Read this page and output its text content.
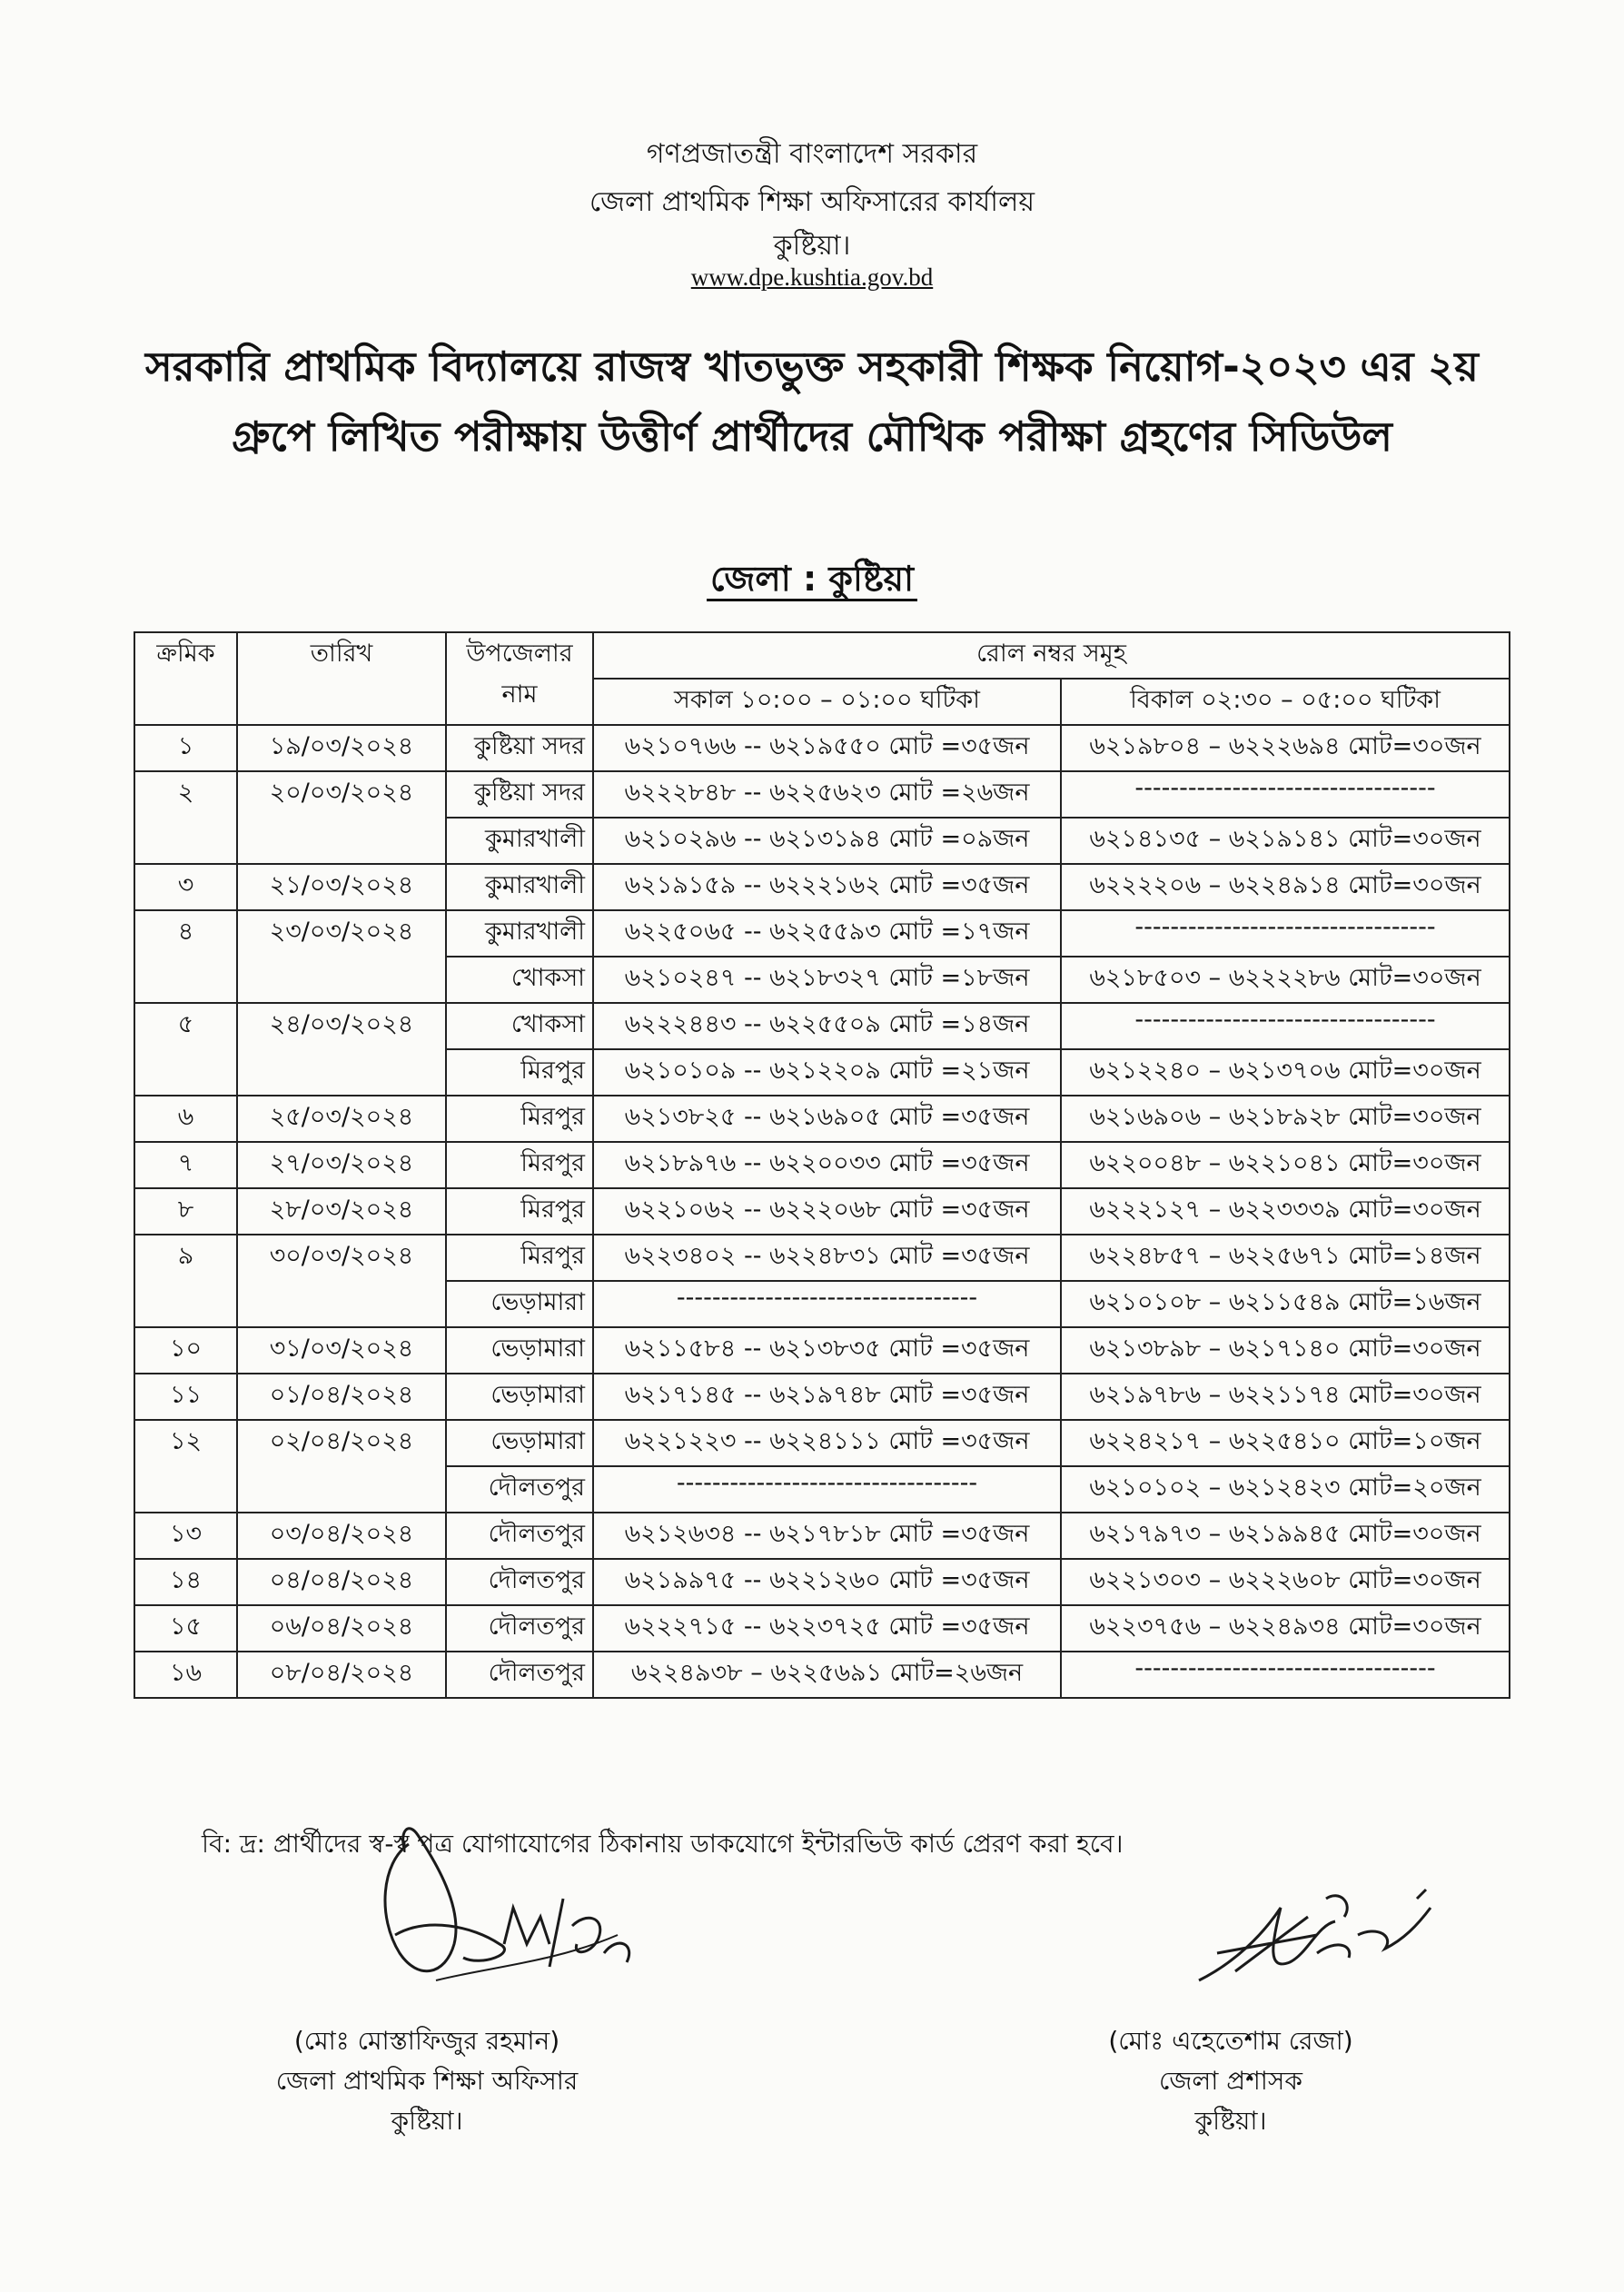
গণপ্রজাতন্ত্রী বাংলাদেশ সরকার
জেলা প্রাথমিক শিক্ষা অফিসারের কার্যালয়
কুষ্টিয়া।
www.dpe.kushtia.gov.bd
সরকারি প্রাথমিক বিদ্যালয়ে রাজস্ব খাতভুক্ত সহকারী শিক্ষক নিয়োগ-২০২৩ এর ২য় গ্রুপে লিখিত পরীক্ষায় উত্তীর্ণ প্রার্থীদের মৌখিক পরীক্ষা গ্রহণের সিডিউল
জেলা : কুষ্টিয়া
ক্রমিক	তারিখ	উপজেলার নাম	রোল নম্বর সমূহ	
			সকাল ১০:০০ – ০১:০০ ঘটিকা	বিকাল ০২:৩০ – ০৫:০০ ঘটিকা
১	১৯/০৩/২০২৪	কুষ্টিয়া সদর	৬২১০৭৬৬ -- ৬২১৯৫৫০ মোট =৩৫জন	৬২১৯৮০৪ – ৬২২২৬৯৪ মোট=৩০জন
২	২০/০৩/২০২৪	কুষ্টিয়া সদর	৬২২২৮৪৮ -- ৬২২৫৬২৩ মোট =২৬জন	----------------------------------
		কুমারখালী	৬২১০২৯৬ -- ৬২১৩১৯৪ মোট =০৯জন	৬২১৪১৩৫ – ৬২১৯১৪১ মোট=৩০জন
৩	২১/০৩/২০২৪	কুমারখালী	৬২১৯১৫৯ -- ৬২২২১৬২ মোট =৩৫জন	৬২২২২০৬ – ৬২২৪৯১৪ মোট=৩০জন
৪	২৩/০৩/২০২৪	কুমারখালী	৬২২৫০৬৫ -- ৬২২৫৫৯৩ মোট =১৭জন	----------------------------------
		খোকসা	৬২১০২৪৭ -- ৬২১৮৩২৭ মোট =১৮জন	৬২১৮৫০৩ – ৬২২২২৮৬ মোট=৩০জন
৫	২৪/০৩/২০২৪	খোকসা	৬২২২৪৪৩ -- ৬২২৫৫০৯ মোট =১৪জন	----------------------------------
		মিরপুর	৬২১০১০৯ -- ৬২১২২০৯ মোট =২১জন	৬২১২২৪০ – ৬২১৩৭০৬ মোট=৩০জন
৬	২৫/০৩/২০২৪	মিরপুর	৬২১৩৮২৫ -- ৬২১৬৯০৫ মোট =৩৫জন	৬২১৬৯০৬ – ৬২১৮৯২৮ মোট=৩০জন
৭	২৭/০৩/২০২৪	মিরপুর	৬২১৮৯৭৬ -- ৬২২০০৩৩ মোট =৩৫জন	৬২২০০৪৮ – ৬২২১০৪১ মোট=৩০জন
৮	২৮/০৩/২০২৪	মিরপুর	৬২২১০৬২ -- ৬২২২০৬৮ মোট =৩৫জন	৬২২২১২৭ – ৬২২৩৩৩৯ মোট=৩০জন
৯	৩০/০৩/২০২৪	মিরপুর	৬২২৩৪০২ -- ৬২২৪৮৩১ মোট =৩৫জন	৬২২৪৮৫৭ – ৬২২৫৬৭১ মোট=১৪জন
		ভেড়ামারা	----------------------------------	৬২১০১০৮ – ৬২১১৫৪৯ মোট=১৬জন
১০	৩১/০৩/২০২৪	ভেড়ামারা	৬২১১৫৮৪ -- ৬২১৩৮৩৫ মোট =৩৫জন	৬২১৩৮৯৮ – ৬২১৭১৪০ মোট=৩০জন
১১	০১/০৪/২০২৪	ভেড়ামারা	৬২১৭১৪৫ -- ৬২১৯৭৪৮ মোট =৩৫জন	৬২১৯৭৮৬ – ৬২২১১৭৪ মোট=৩০জন
১২	০২/০৪/২০২৪	ভেড়ামারা	৬২২১২২৩ -- ৬২২৪১১১ মোট =৩৫জন	৬২২৪২১৭ – ৬২২৫৪১০ মোট=১০জন
		দৌলতপুর	----------------------------------	৬২১০১০২ – ৬২১২৪২৩ মোট=২০জন
১৩	০৩/০৪/২০২৪	দৌলতপুর	৬২১২৬৩৪ -- ৬২১৭৮১৮ মোট =৩৫জন	৬২১৭৯৭৩ – ৬২১৯৯৪৫ মোট=৩০জন
১৪	০৪/০৪/২০২৪	দৌলতপুর	৬২১৯৯৭৫ -- ৬২২১২৬০ মোট =৩৫জন	৬২২১৩০৩ – ৬২২২৬০৮ মোট=৩০জন
১৫	০৬/০৪/২০২৪	দৌলতপুর	৬২২২৭১৫ -- ৬২২৩৭২৫ মোট =৩৫জন	৬২২৩৭৫৬ – ৬২২৪৯৩৪ মোট=৩০জন
১৬	০৮/০৪/২০২৪	দৌলতপুর	৬২২৪৯৩৮ – ৬২২৫৬৯১ মোট=২৬জন	----------------------------------
বি: দ্র: প্রার্থীদের স্ব-স্ব পত্র যোগাযোগের ঠিকানায় ডাকযোগে ইন্টারভিউ কার্ড প্রেরণ করা হবে।
(মোঃ মোস্তাফিজুর রহমান)
জেলা প্রাথমিক শিক্ষা অফিসার
কুষ্টিয়া।
(মোঃ এহেতেশাম রেজা)
জেলা প্রশাসক
কুষ্টিয়া।
